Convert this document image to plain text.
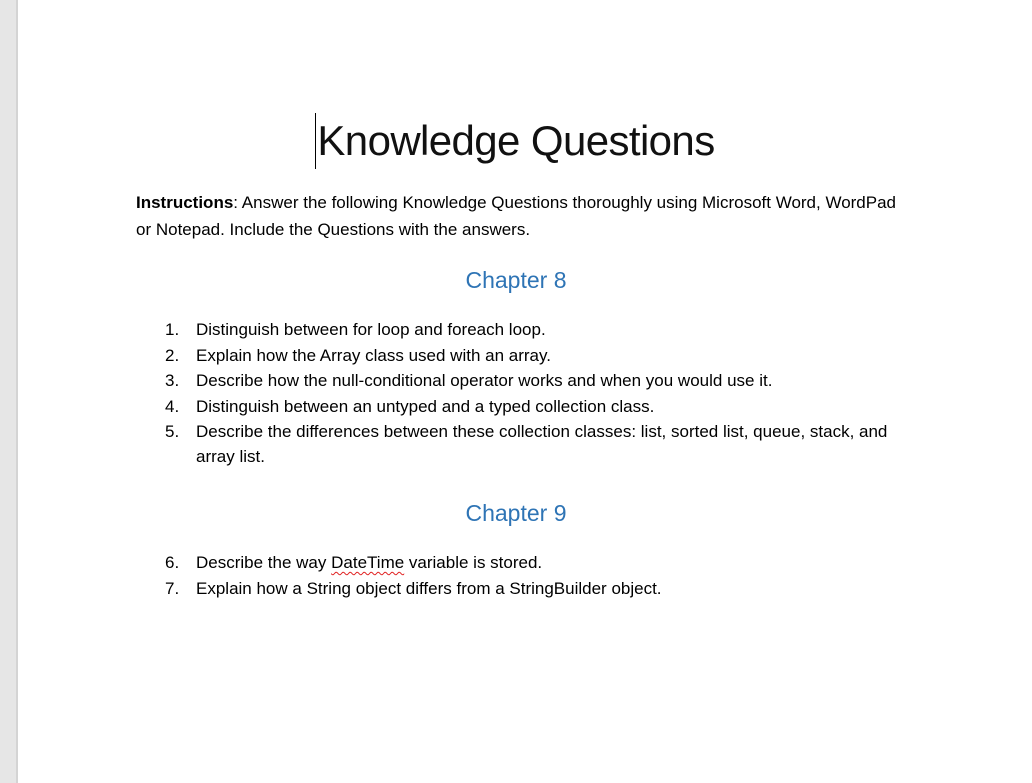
Knowledge Questions
Instructions: Answer the following Knowledge Questions thoroughly using Microsoft Word, WordPad or Notepad. Include the Questions with the answers.
Chapter 8
1. Distinguish between for loop and foreach loop.
2. Explain how the Array class used with an array.
3. Describe how the null-conditional operator works and when you would use it.
4. Distinguish between an untyped and a typed collection class.
5. Describe the differences between these collection classes: list, sorted list, queue, stack, and array list.
Chapter 9
6. Describe the way DateTime variable is stored.
7. Explain how a String object differs from a StringBuilder object.
